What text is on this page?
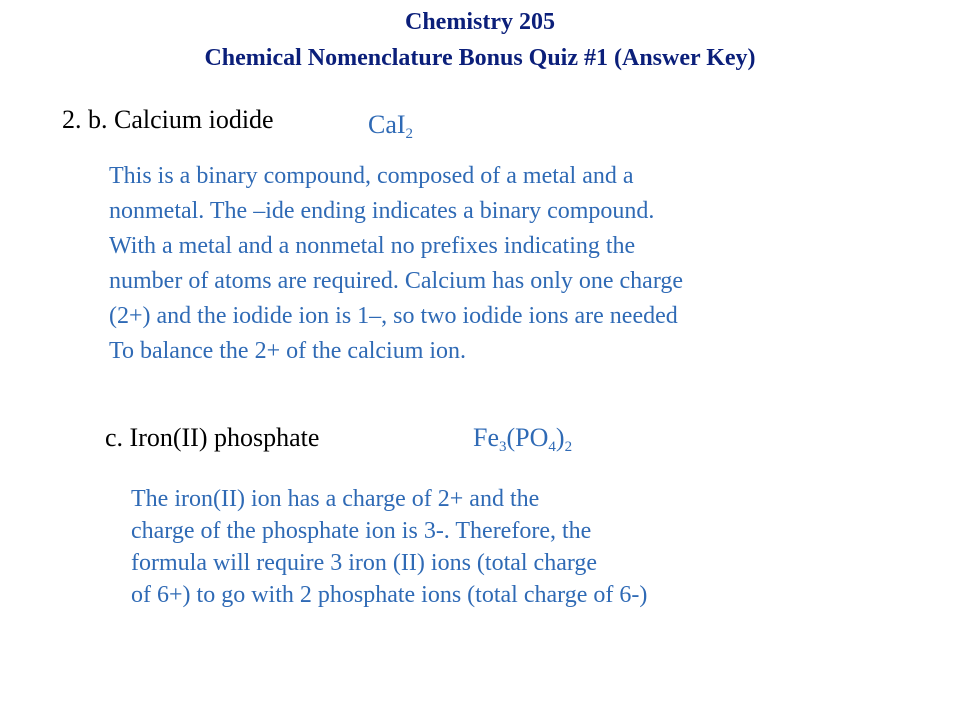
Chemistry 205
Chemical Nomenclature Bonus Quiz #1 (Answer Key)
2. b. Calcium iodide	CaI$_2$
This is a binary compound, composed of a metal and a
nonmetal. The –ide ending indicates a binary compound.
With a metal and a nonmetal no prefixes indicating the
number of atoms are required. Calcium has only one charge
(2+) and the iodide ion is 1–, so two iodide ions are needed
To balance the 2+ of the calcium ion.
c. Iron(II) phosphate	$Fe_3(PO_4)_2$
The iron(II) ion has a charge of 2+ and the
charge of the phosphate ion is 3-. Therefore, the
formula will require 3 iron (II) ions (total charge
of 6+) to go with 2 phosphate ions (total charge of 6-)
